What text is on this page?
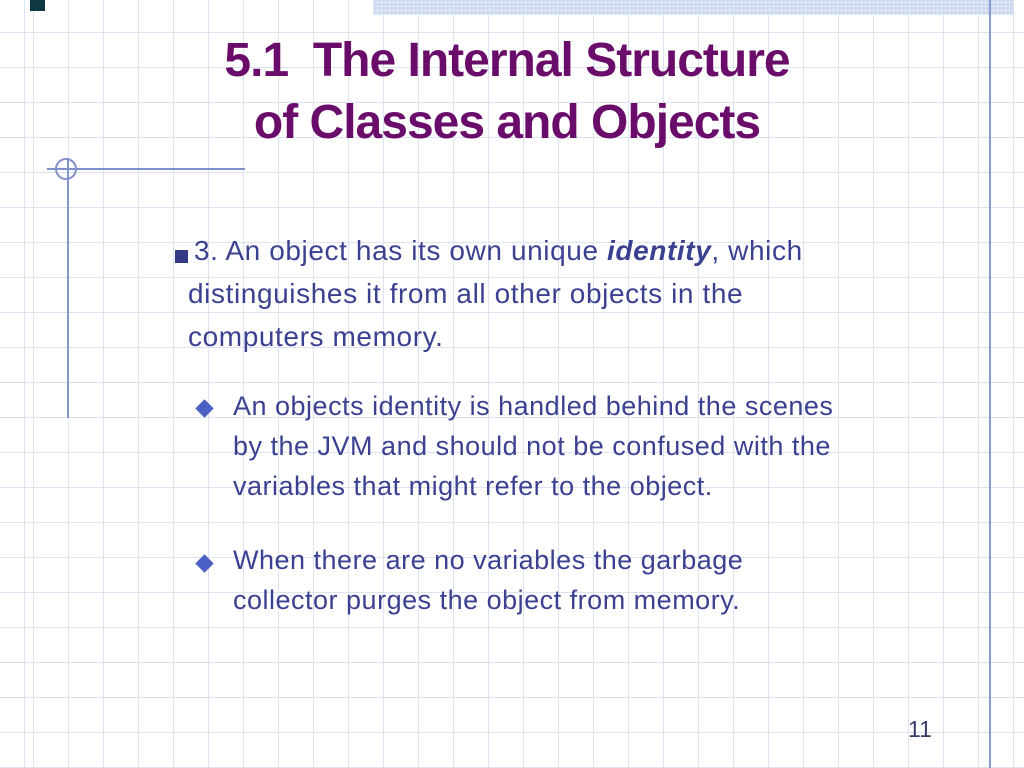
5.1  The Internal Structure
of Classes and Objects
3. An object has its own unique identity, which
distinguishes it from all other objects in the
computers memory.
An objects identity is handled behind the scenes
by the JVM and should not be confused with the
variables that might refer to the object.
When there are no variables the garbage
collector purges the object from memory.
11
